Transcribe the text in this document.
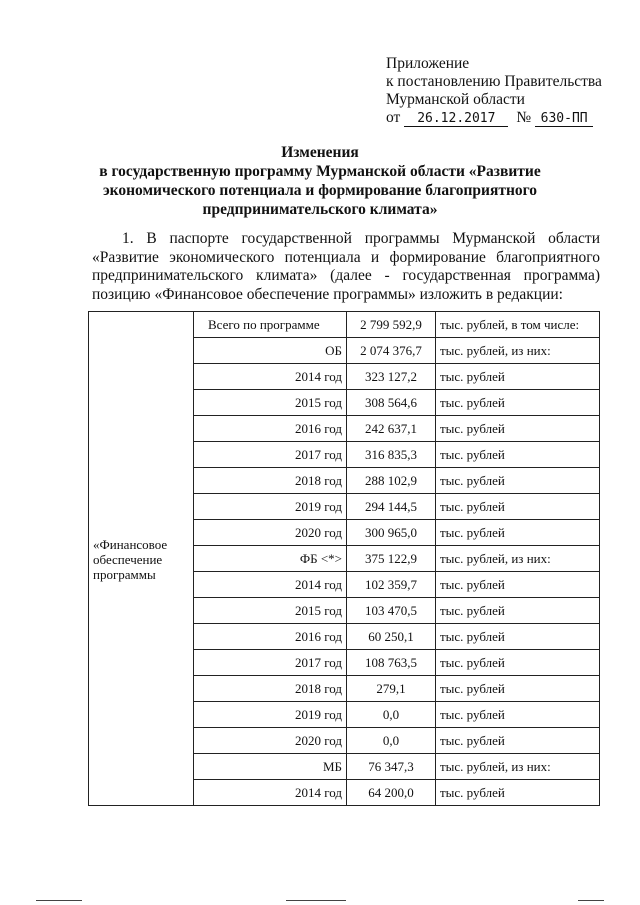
Приложение
к постановлению Правительства
Мурманской области
от 26.12.2017 № 630-ПП
Изменения
в государственную программу Мурманской области «Развитие
экономического потенциала и формирование благоприятного
предпринимательского климата»

1. В паспорте государственной программы Мурманской области «Развитие экономического потенциала и формирование благоприятного предпринимательского климата» (далее - государственная программа) позицию «Финансовое обеспечение программы» изложить в редакции:

«Финансовое обеспечение программы	Всего по программе	2 799 592,9	тыс. рублей, в том числе:
	ОБ	2 074 376,7	тыс. рублей, из них:
	2014 год	323 127,2	тыс. рублей
	2015 год	308 564,6	тыс. рублей
	2016 год	242 637,1	тыс. рублей
	2017 год	316 835,3	тыс. рублей
	2018 год	288 102,9	тыс. рублей
	2019 год	294 144,5	тыс. рублей
	2020 год	300 965,0	тыс. рублей
	ФБ <*>	375 122,9	тыс. рублей, из них:
	2014 год	102 359,7	тыс. рублей
	2015 год	103 470,5	тыс. рублей
	2016 год	60 250,1	тыс. рублей
	2017 год	108 763,5	тыс. рублей
	2018 год	279,1	тыс. рублей
	2019 год	0,0	тыс. рублей
	2020 год	0,0	тыс. рублей
	МБ	76 347,3	тыс. рублей, из них:
	2014 год	64 200,0	тыс. рублей
